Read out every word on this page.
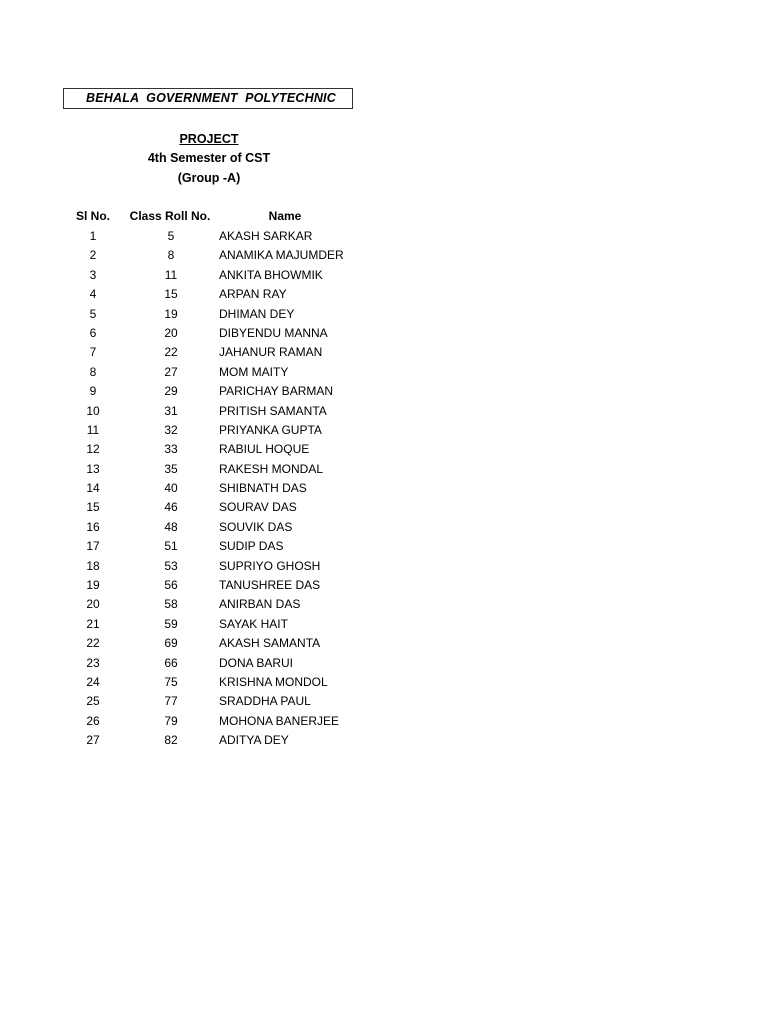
BEHALA  GOVERNMENT  POLYTECHNIC
PROJECT
4th Semester of CST
(Group -A)
Sl No.	Class Roll No.	Name
1	5	AKASH SARKAR
2	8	ANAMIKA MAJUMDER
3	11	ANKITA BHOWMIK
4	15	ARPAN RAY
5	19	DHIMAN DEY
6	20	DIBYENDU MANNA
7	22	JAHANUR RAMAN
8	27	MOM MAITY
9	29	PARICHAY BARMAN
10	31	PRITISH SAMANTA
11	32	PRIYANKA GUPTA
12	33	RABIUL HOQUE
13	35	RAKESH MONDAL
14	40	SHIBNATH DAS
15	46	SOURAV DAS
16	48	SOUVIK DAS
17	51	SUDIP DAS
18	53	SUPRIYO GHOSH
19	56	TANUSHREE DAS
20	58	ANIRBAN DAS
21	59	SAYAK HAIT
22	69	AKASH SAMANTA
23	66	DONA BARUI
24	75	KRISHNA MONDOL
25	77	SRADDHA PAUL
26	79	MOHONA BANERJEE
27	82	ADITYA DEY
